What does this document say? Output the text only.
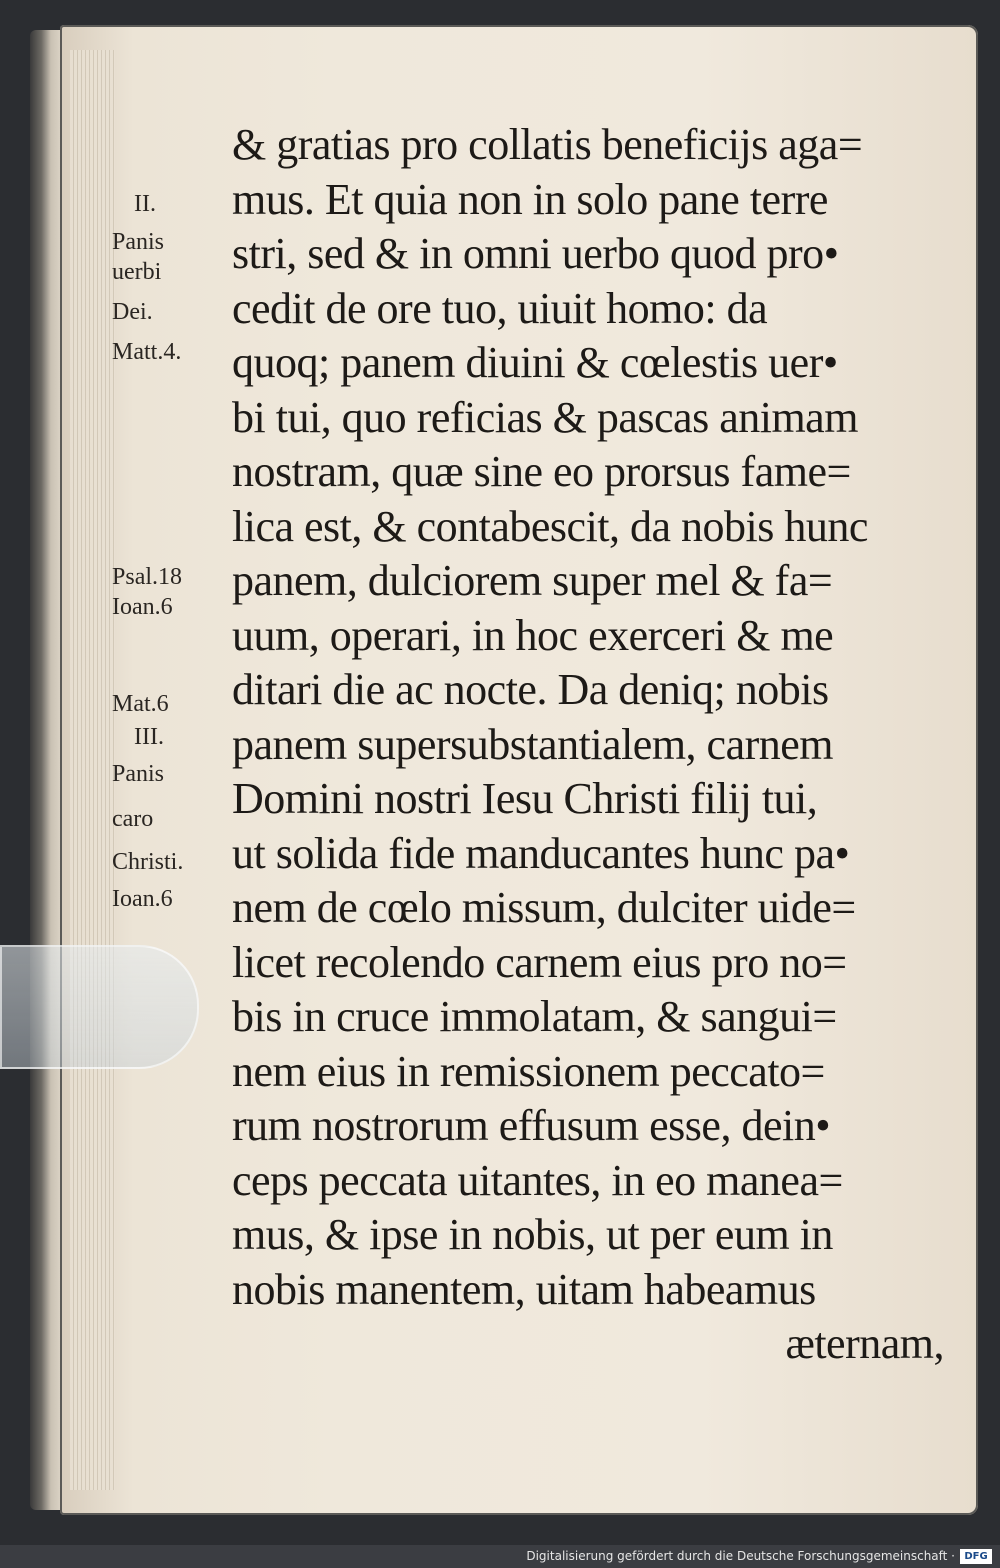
II.
Panis
uerbi
Dei.
Matt.4.
Psal.18
Ioan.6
Mat.6
III.
Panis
caro
Christi.
Ioan.6
& gratias pro collatis beneficijs aga=
mus. Et quia non in solo pane terre
stri, sed & in omni uerbo quod pro•
cedit de ore tuo, uiuit homo: da
quoq; panem diuini & cœlestis uer•
bi tui, quo reficias & pascas animam
nostram, quæ sine eo prorsus fame=
lica est, & contabescit, da nobis hunc
panem, dulciorem super mel & fa=
uum, operari, in hoc exerceri & me
ditari die ac nocte. Da deniq; nobis
panem supersubstantialem, carnem
Domini nostri Iesu Christi filij tui,
ut solida fide manducantes hunc pa•
nem de cœlo missum, dulciter uide=
licet recolendo carnem eius pro no=
bis in cruce immolatam, & sangui=
nem eius in remissionem peccato=
rum nostrorum effusum esse, dein•
ceps peccata uitantes, in eo manea=
mus, & ipse in nobis, ut per eum in
nobis manentem, uitam habeamus
æternam,
Digitalisierung gefördert durch die Deutsche Forschungsgemeinschaft · DFG
